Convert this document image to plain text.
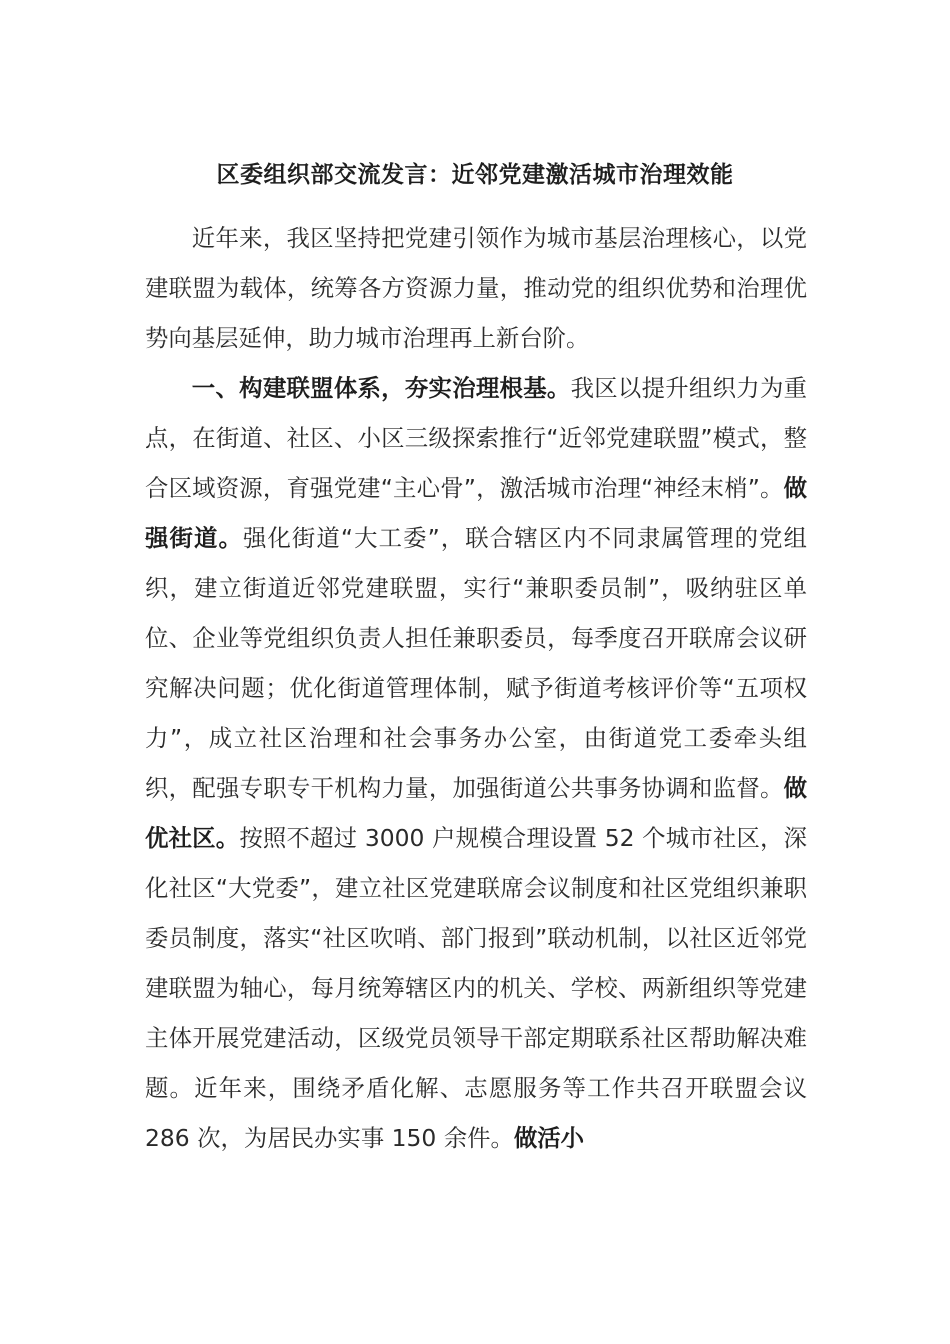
区委组织部交流发言：近邻党建激活城市治理效能

近年来，我区坚持把党建引领作为城市基层治理核心，以党建联盟为载体，统筹各方资源力量，推动党的组织优势和治理优势向基层延伸，助力城市治理再上新台阶。

一、构建联盟体系，夯实治理根基。我区以提升组织力为重点，在街道、社区、小区三级探索推行“近邻党建联盟”模式，整合区域资源，育强党建“主心骨”，激活城市治理“神经末梢”。做强街道。强化街道“大工委”，联合辖区内不同隶属管理的党组织，建立街道近邻党建联盟，实行“兼职委员制”，吸纳驻区单位、企业等党组织负责人担任兼职委员，每季度召开联席会议研究解决问题；优化街道管理体制，赋予街道考核评价等“五项权力”，成立社区治理和社会事务办公室，由街道党工委牵头组织，配强专职专干机构力量，加强街道公共事务协调和监督。做优社区。按照不超过 3000 户规模合理设置 52 个城市社区，深化社区“大党委”，建立社区党建联席会议制度和社区党组织兼职委员制度，落实“社区吹哨、部门报到”联动机制，以社区近邻党建联盟为轴心，每月统筹辖区内的机关、学校、两新组织等党建主体开展党建活动，区级党员领导干部定期联系社区帮助解决难题。近年来，围绕矛盾化解、志愿服务等工作共召开联盟会议 286 次，为居民办实事 150 余件。做活小
